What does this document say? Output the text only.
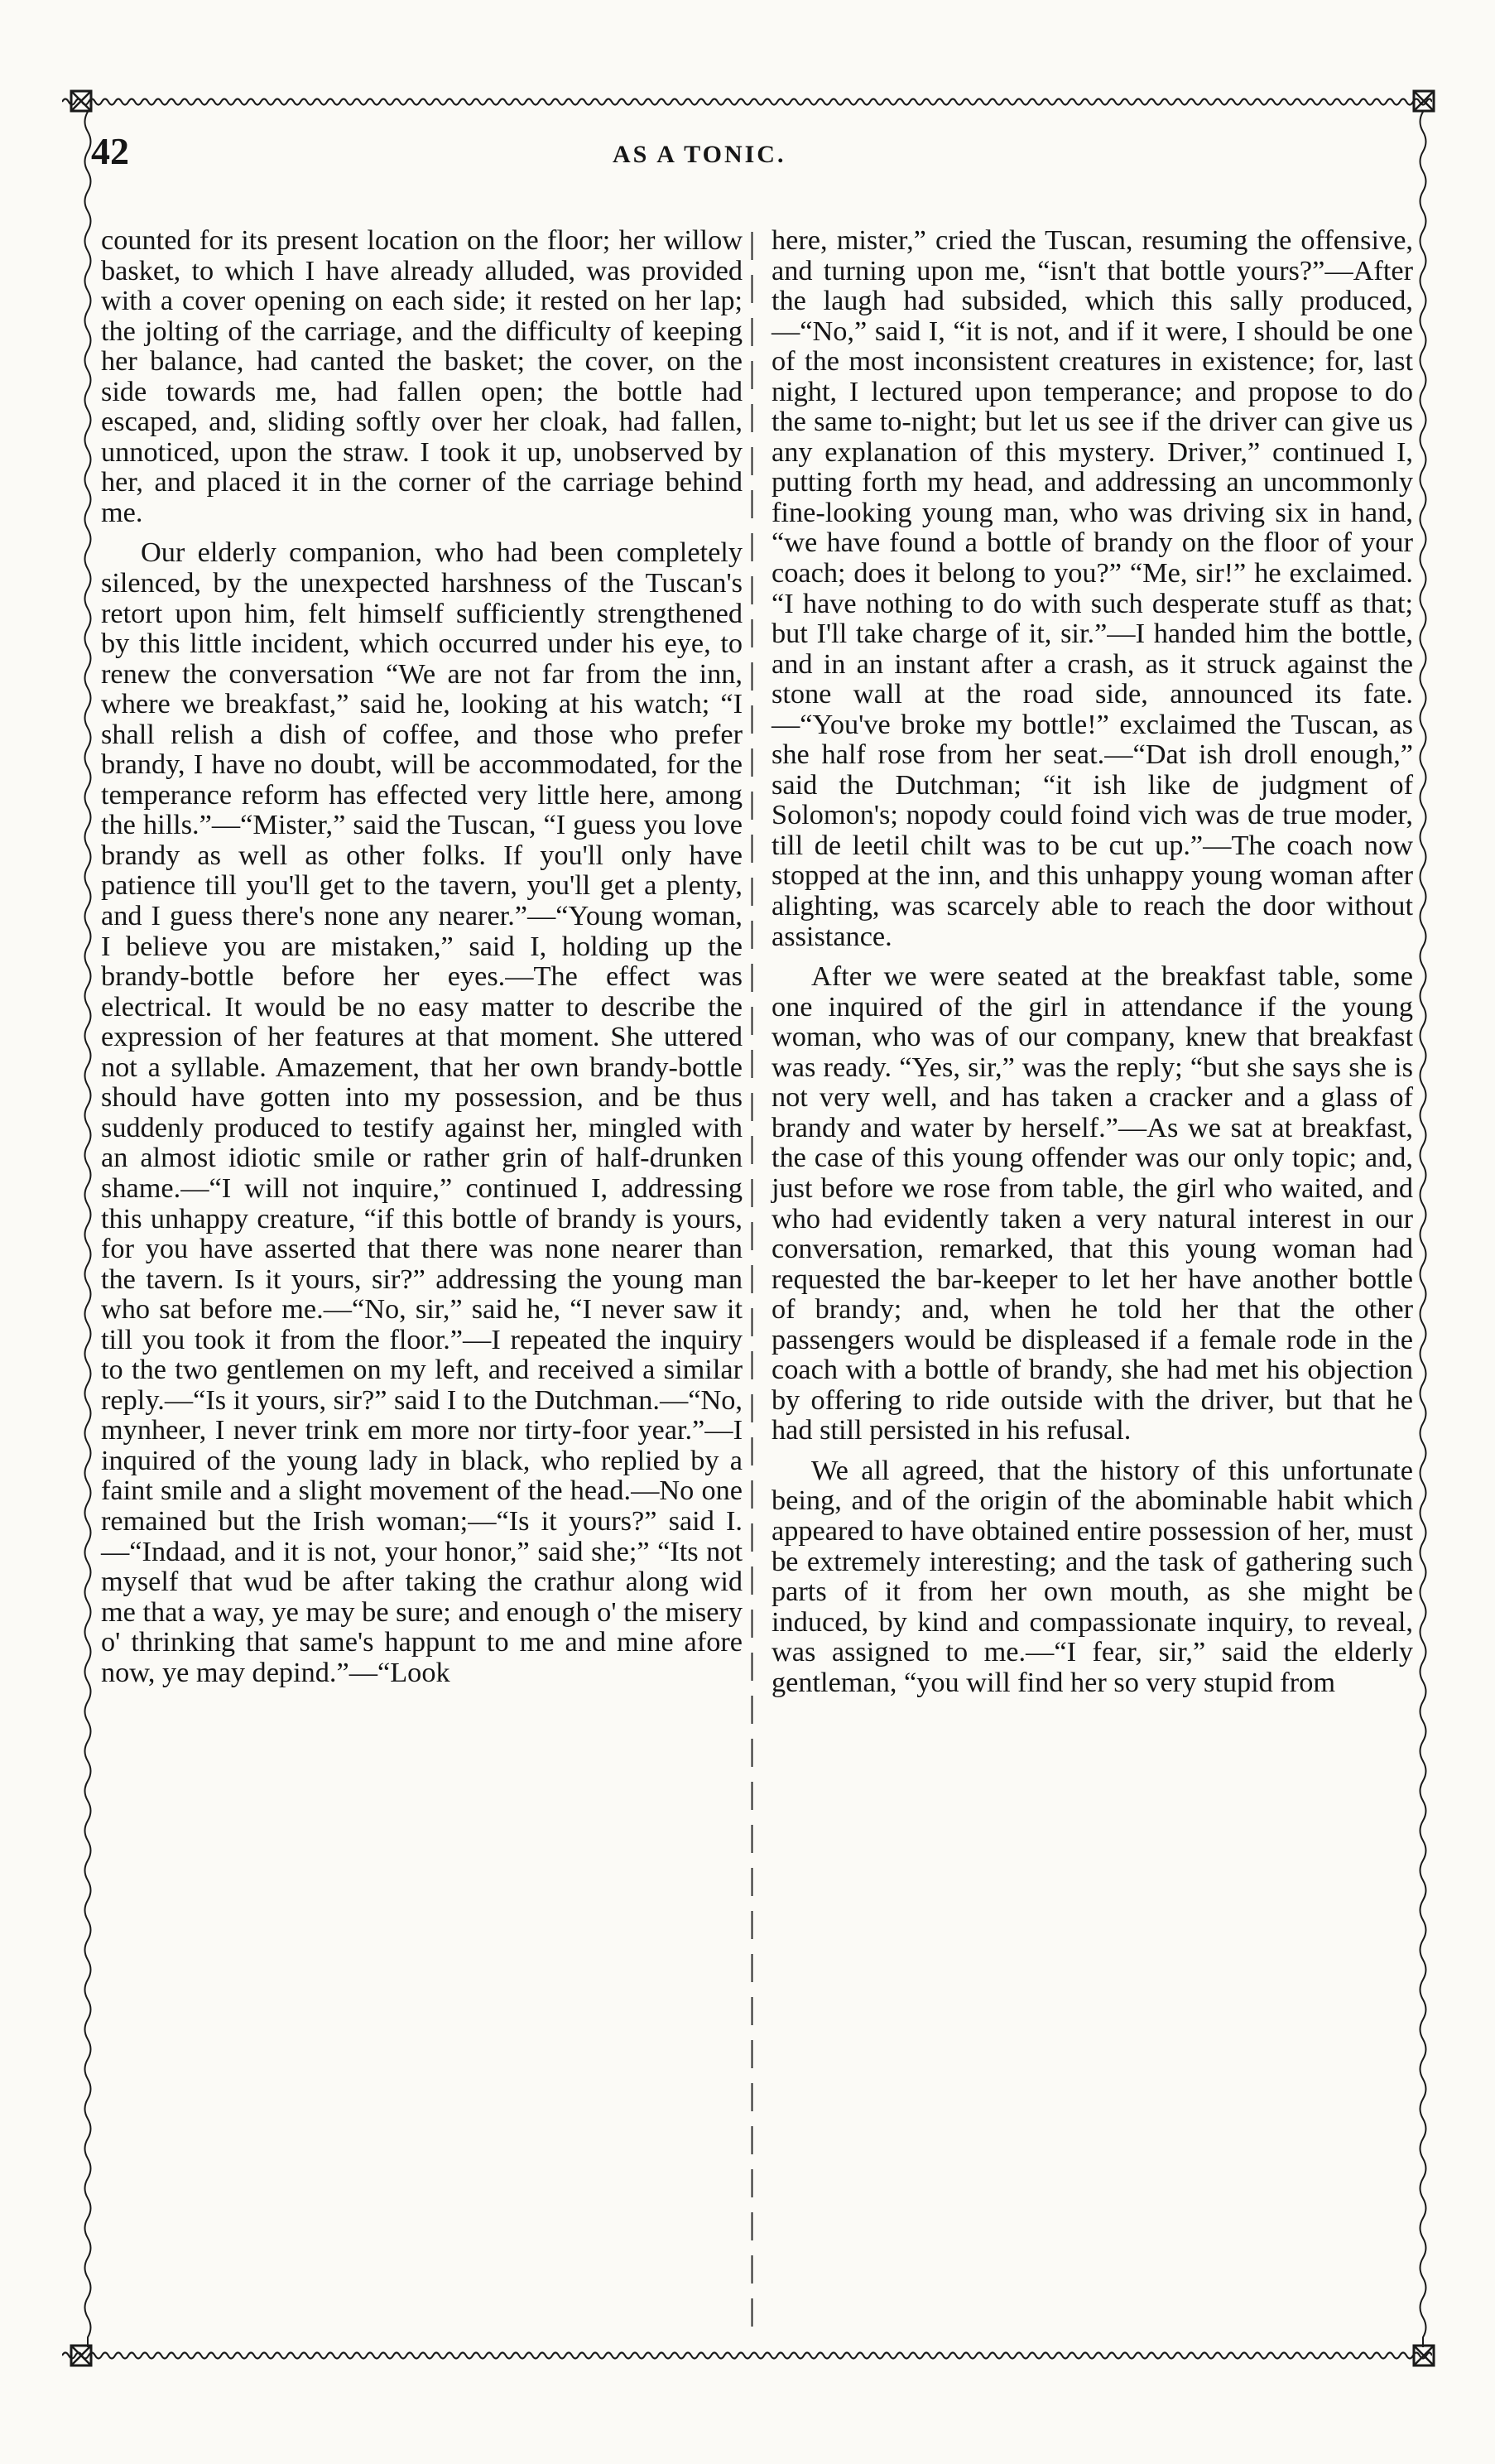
42	AS A TONIC.

counted for its present location on the floor; her willow basket, to which I have already alluded, was provided with a cover opening on each side; it rested on her lap; the jolting of the carriage, and the difficulty of keeping her balance, had canted the basket; the cover, on the side towards me, had fallen open; the bottle had escaped, and, sliding softly over her cloak, had fallen, unnoticed, upon the straw. I took it up, unobserved by her, and placed it in the corner of the carriage behind me.

Our elderly companion, who had been completely silenced, by the unexpected harshness of the Tuscan's retort upon him, felt himself sufficiently strengthened by this little incident, which occurred under his eye, to renew the conversation “We are not far from the inn, where we breakfast,” said he, looking at his watch; “I shall relish a dish of coffee, and those who prefer brandy, I have no doubt, will be accommodated, for the temperance reform has effected very little here, among the hills.”—“Mister,” said the Tuscan, “I guess you love brandy as well as other folks. If you'll only have patience till you'll get to the tavern, you'll get a plenty, and I guess there's none any nearer.”—“Young woman, I believe you are mistaken,” said I, holding up the brandy-bottle before her eyes.—The effect was electrical. It would be no easy matter to describe the expression of her features at that moment. She uttered not a syllable. Amazement, that her own brandy-bottle should have gotten into my possession, and be thus suddenly produced to testify against her, mingled with an almost idiotic smile or rather grin of half-drunken shame.—“I will not inquire,” continued I, addressing this unhappy creature, “if this bottle of brandy is yours, for you have asserted that there was none nearer than the tavern. Is it yours, sir?” addressing the young man who sat before me.—“No, sir,” said he, “I never saw it till you took it from the floor.”—I repeated the inquiry to the two gentlemen on my left, and received a similar reply.—“Is it yours, sir?” said I to the Dutchman.—“No, mynheer, I never trink em more nor tirty-foor year.”—I inquired of the young lady in black, who replied by a faint smile and a slight movement of the head.—No one remained but the Irish woman;—“Is it yours?” said I.—“Indaad, and it is not, your honor,” said she;” “Its not myself that wud be after taking the crathur along wid me that a way, ye may be sure; and enough o' the misery o' thrinking that same's happunt to me and mine afore now, ye may depind.”—“Look

here, mister,” cried the Tuscan, resuming the offensive, and turning upon me, “isn't that bottle yours?”—After the laugh had subsided, which this sally produced,—“No,” said I, “it is not, and if it were, I should be one of the most inconsistent creatures in existence; for, last night, I lectured upon temperance; and propose to do the same to-night; but let us see if the driver can give us any explanation of this mystery. Driver,” continued I, putting forth my head, and addressing an uncommonly fine-looking young man, who was driving six in hand, “we have found a bottle of brandy on the floor of your coach; does it belong to you?” “Me, sir!” he exclaimed. “I have nothing to do with such desperate stuff as that; but I'll take charge of it, sir.”—I handed him the bottle, and in an instant after a crash, as it struck against the stone wall at the road side, announced its fate.—“You've broke my bottle!” exclaimed the Tuscan, as she half rose from her seat.—“Dat ish droll enough,” said the Dutchman; “it ish like de judgment of Solomon's; nopody could foind vich was de true moder, till de leetil chilt was to be cut up.”—The coach now stopped at the inn, and this unhappy young woman after alighting, was scarcely able to reach the door without assistance.

After we were seated at the breakfast table, some one inquired of the girl in attendance if the young woman, who was of our company, knew that breakfast was ready. “Yes, sir,” was the reply; “but she says she is not very well, and has taken a cracker and a glass of brandy and water by herself.”—As we sat at breakfast, the case of this young offender was our only topic; and, just before we rose from table, the girl who waited, and who had evidently taken a very natural interest in our conversation, remarked, that this young woman had requested the bar-keeper to let her have another bottle of brandy; and, when he told her that the other passengers would be displeased if a female rode in the coach with a bottle of brandy, she had met his objection by offering to ride outside with the driver, but that he had still persisted in his refusal.

We all agreed, that the history of this unfortunate being, and of the origin of the abominable habit which appeared to have obtained entire possession of her, must be extremely interesting; and the task of gathering such parts of it from her own mouth, as she might be induced, by kind and compassionate inquiry, to reveal, was assigned to me.—“I fear, sir,” said the elderly gentleman, “you will find her so very stupid from
